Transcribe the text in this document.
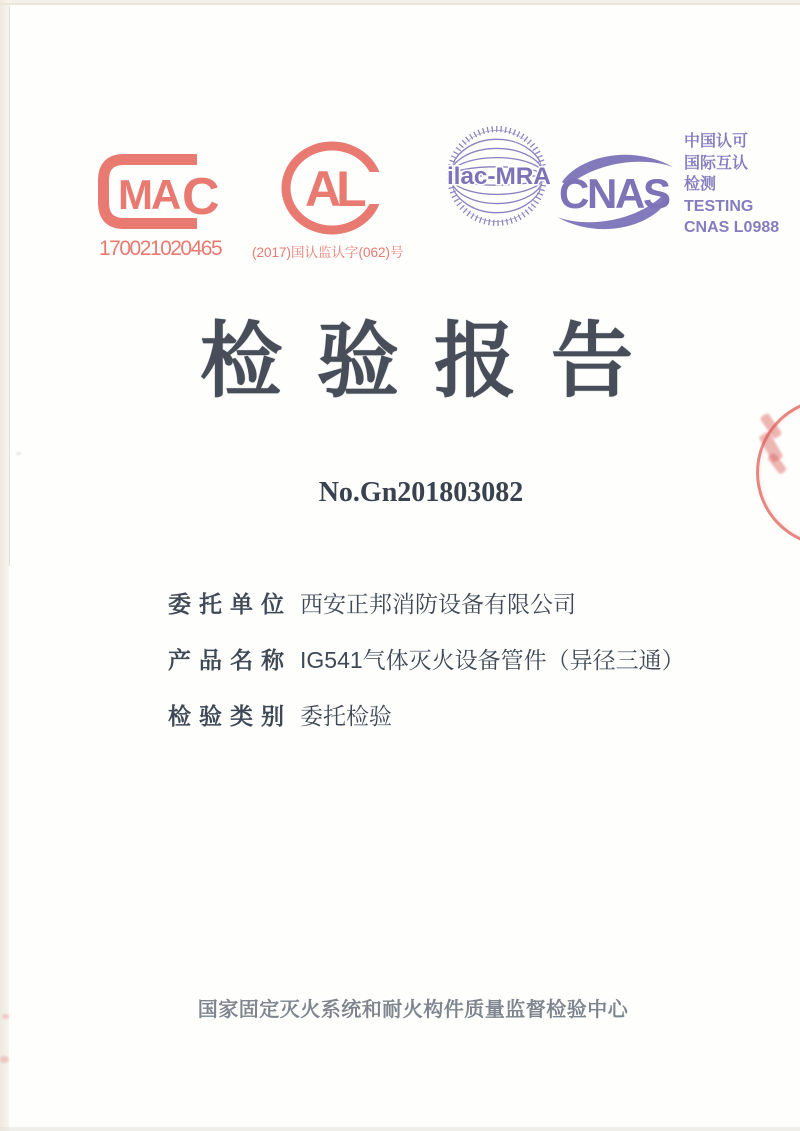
MA C
170021020465
AL
(2017)国认监认字(062)号
ilac-MRA CNAS
中国认可
国际互认
检测
TESTING
CNAS L0988
检验报告
No.Gn201803082
委托单位 西安正邦消防设备有限公司
产品名称 IG541气体灭火设备管件（异径三通）
检验类别 委托检验
国家固定灭火系统和耐火构件质量监督检验中心
